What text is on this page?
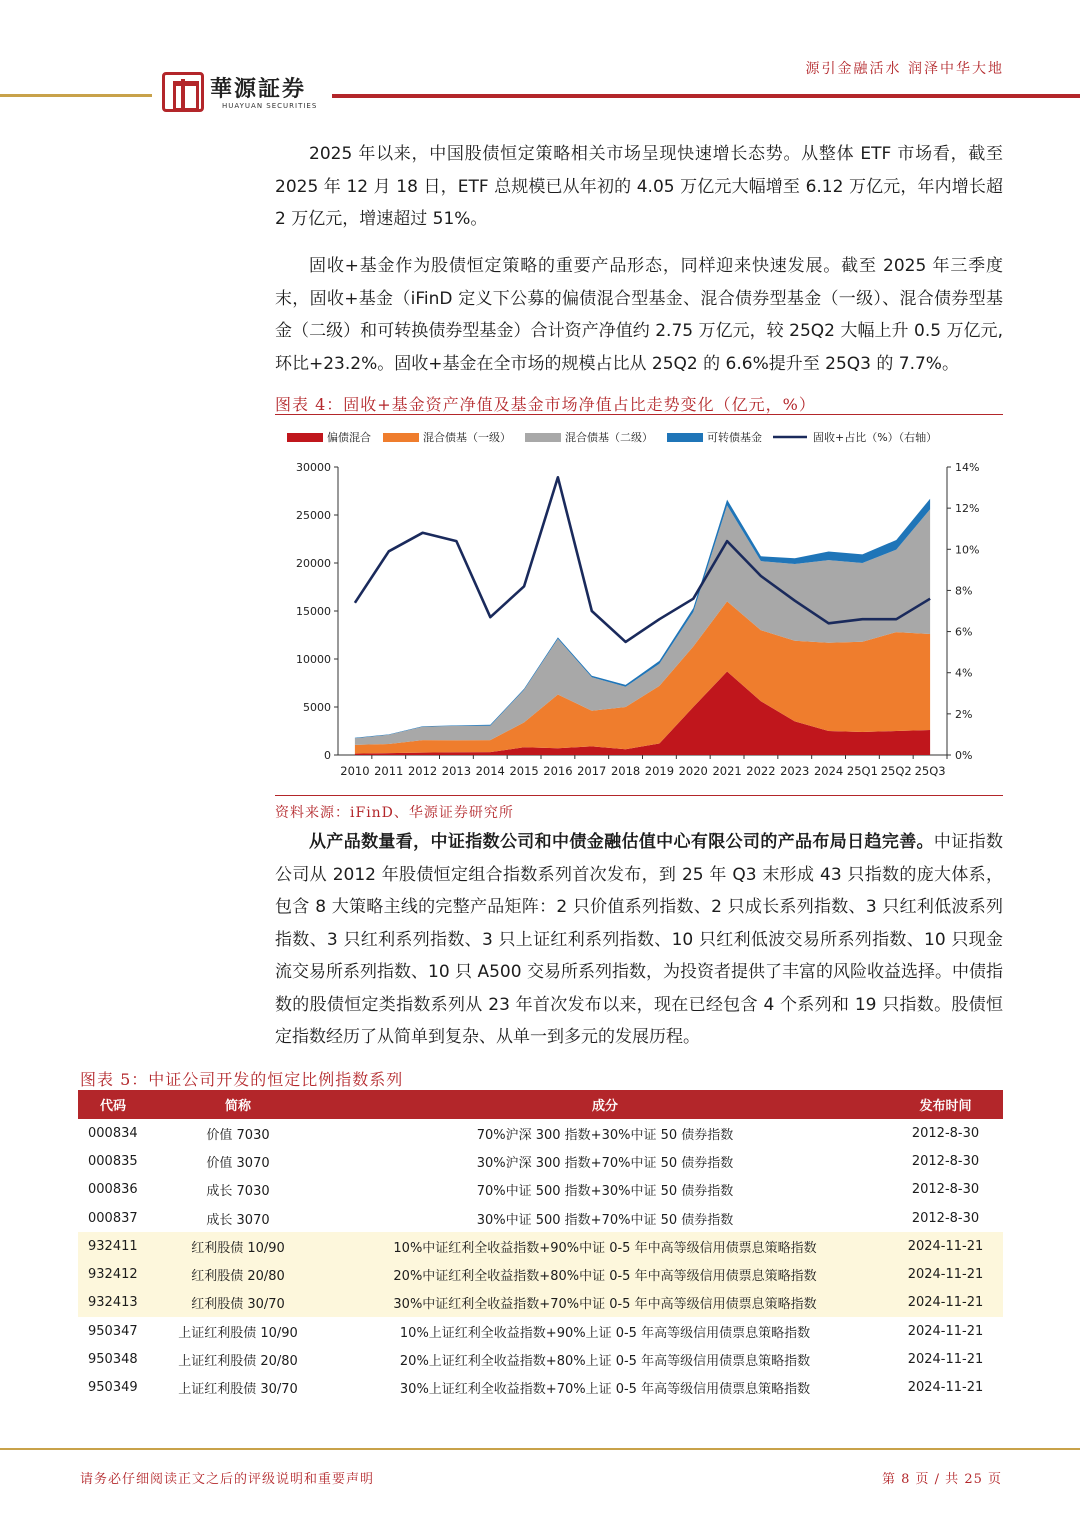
源引金融活水 润泽中华大地
華源証券
HUAYUAN SECURITIES

2025 年以来，中国股债恒定策略相关市场呈现快速增长态势。从整体 ETF 市场看，截至 2025 年 12 月 18 日，ETF 总规模已从年初的 4.05 万亿元大幅增至 6.12 万亿元，年内增长超 2 万亿元，增速超过 51%。

固收+基金作为股债恒定策略的重要产品形态，同样迎来快速发展。截至 2025 年三季度末，固收+基金（iFinD 定义下公募的偏债混合型基金、混合债券型基金（一级）、混合债券型基金（二级）和可转换债券型基金）合计资产净值约 2.75 万亿元，较 25Q2 大幅上升 0.5 万亿元,环比+23.2%。固收+基金在全市场的规模占比从 25Q2 的 6.6%提升至 25Q3 的 7.7%。

图表 4：固收+基金资产净值及基金市场净值占比走势变化（亿元，%）
0
5000
10000
15000
20000
25000
30000
0%
2%
4%
6%
8%
10%
12%
14%
2010 2011 2012 2013 2014 2015 2016 2017 2018 2019 2020 2021 2022 2023 2024 25Q1 25Q2 25Q3
偏债混合	混合债基（一级）	混合债基（二级）	可转债基金	固收+占比（%）（右轴）
资料来源：iFinD、华源证券研究所

从产品数量看，中证指数公司和中债金融估值中心有限公司的产品布局日趋完善。中证指数公司从 2012 年股债恒定组合指数系列首次发布，到 25 年 Q3 末形成 43 只指数的庞大体系，包含 8 大策略主线的完整产品矩阵：2 只价值系列指数、2 只成长系列指数、3 只红利低波系列指数、3 只红利系列指数、3 只上证红利系列指数、10 只红利低波交易所系列指数、10 只现金流交易所系列指数、10 只 A500 交易所系列指数，为投资者提供了丰富的风险收益选择。中债指数的股债恒定类指数系列从 23 年首次发布以来，现在已经包含 4 个系列和 19 只指数。股债恒定指数经历了从简单到复杂、从单一到多元的发展历程。

图表 5：中证公司开发的恒定比例指数系列
代码	简称	成分	发布时间
000834	价值 7030	70%沪深 300 指数+30%中证 50 债券指数	2012-8-30
000835	价值 3070	30%沪深 300 指数+70%中证 50 债券指数	2012-8-30
000836	成长 7030	70%中证 500 指数+30%中证 50 债券指数	2012-8-30
000837	成长 3070	30%中证 500 指数+70%中证 50 债券指数	2012-8-30
932411	红利股债 10/90	10%中证红利全收益指数+90%中证 0-5 年中高等级信用债票息策略指数	2024-11-21
932412	红利股债 20/80	20%中证红利全收益指数+80%中证 0-5 年中高等级信用债票息策略指数	2024-11-21
932413	红利股债 30/70	30%中证红利全收益指数+70%中证 0-5 年中高等级信用债票息策略指数	2024-11-21
950347	上证红利股债 10/90	10%上证红利全收益指数+90%上证 0-5 年高等级信用债票息策略指数	2024-11-21
950348	上证红利股债 20/80	20%上证红利全收益指数+80%上证 0-5 年高等级信用债票息策略指数	2024-11-21
950349	上证红利股债 30/70	30%上证红利全收益指数+70%上证 0-5 年高等级信用债票息策略指数	2024-11-21
请务必仔细阅读正文之后的评级说明和重要声明	第 8 页 / 共 25 页
